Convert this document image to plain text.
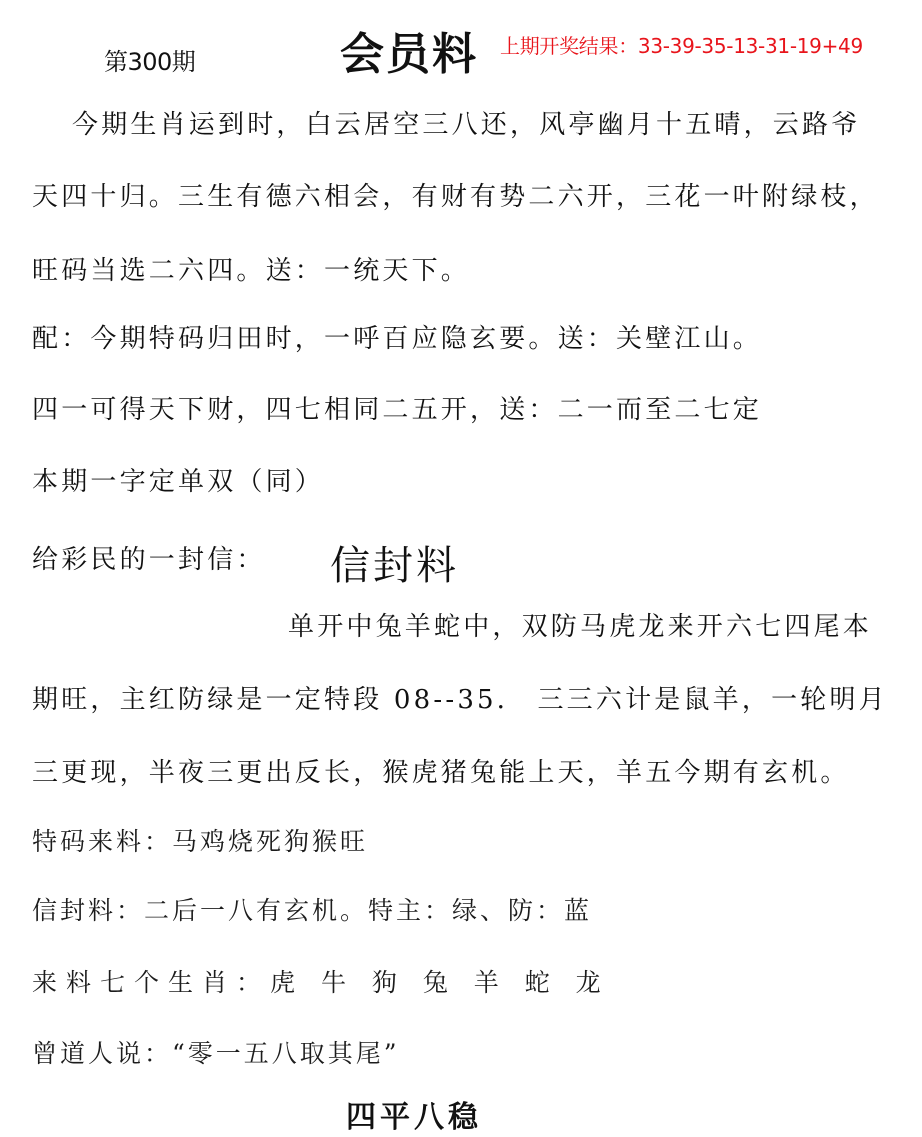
第300期	会员料 上期开奖结果：33-39-35-13-31-19+49
今期生肖运到时，白云居空三八还，风亭幽月十五晴，云路爷
天四十归。三生有德六相会，有财有势二六开，三花一叶附绿枝，
旺码当选二六四。送：一统天下。
配：今期特码归田时，一呼百应隐玄要。送：关壁江山。
四一可得天下财，四七相同二五开，送：二一而至二七定
本期一字定单双（同）
给彩民的一封信： 信封料
单开中兔羊蛇中，双防马虎龙来开六七四尾本
期旺，主红防绿是一定特段 08--35． 三三六计是鼠羊，一轮明月
三更现，半夜三更出反长，猴虎猪兔能上天，羊五今期有玄机。
特码来料：马鸡烧死狗猴旺
信封料：二后一八有玄机。特主：绿、防：蓝
来料七个生肖：虎 牛 狗 兔 羊 蛇 龙
曾道人说：“零一五八取其尾”
四平八稳
